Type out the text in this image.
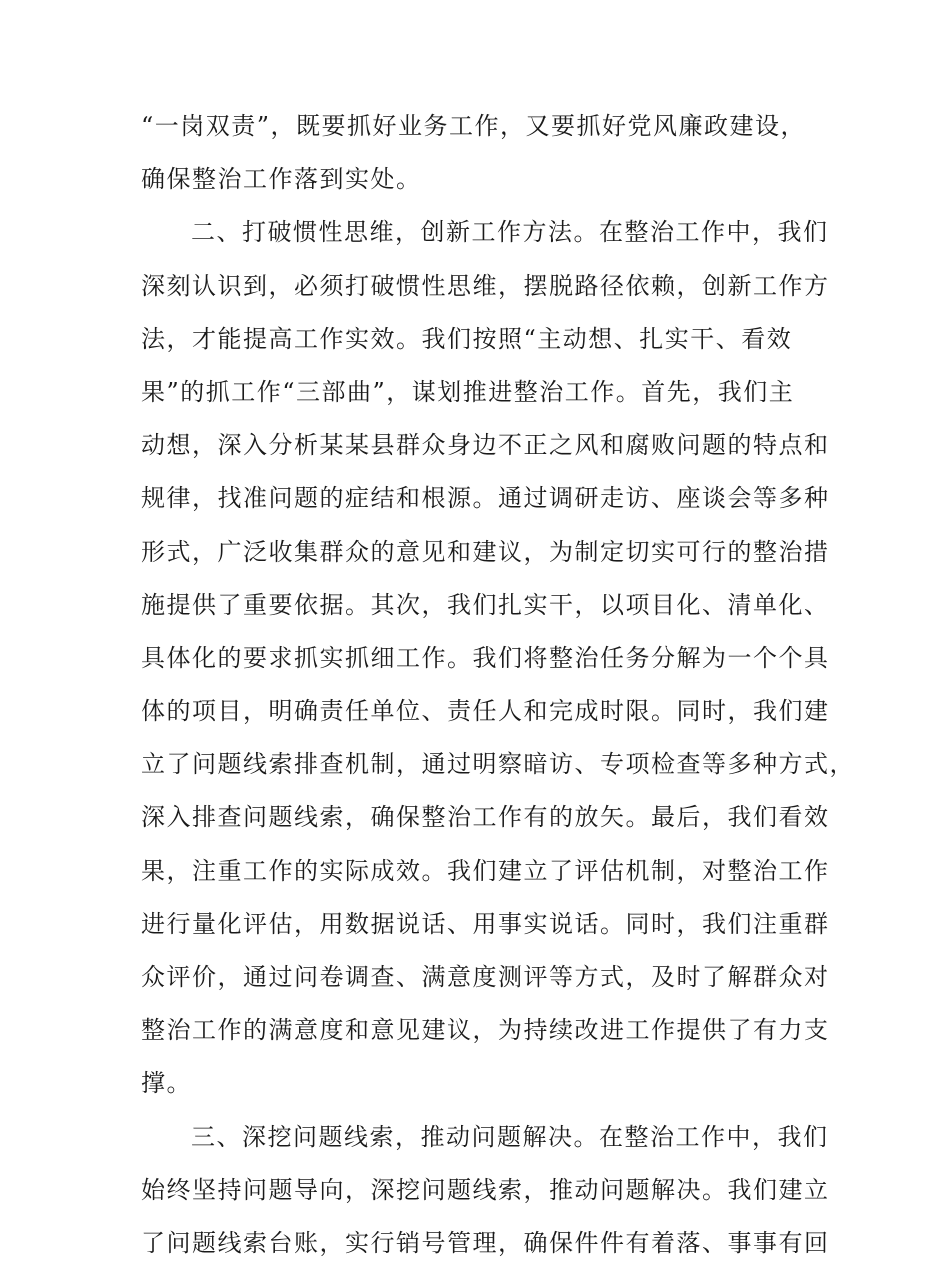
“一岗双责”，既要抓好业务工作，又要抓好党风廉政建设，
确保整治工作落到实处。
二、打破惯性思维，创新工作方法。在整治工作中，我们
深刻认识到，必须打破惯性思维，摆脱路径依赖，创新工作方
法，才能提高工作实效。我们按照“主动想、扎实干、看效
果”的抓工作“三部曲”，谋划推进整治工作。首先，我们主
动想，深入分析某某县群众身边不正之风和腐败问题的特点和
规律，找准问题的症结和根源。通过调研走访、座谈会等多种
形式，广泛收集群众的意见和建议，为制定切实可行的整治措
施提供了重要依据。其次，我们扎实干，以项目化、清单化、
具体化的要求抓实抓细工作。我们将整治任务分解为一个个具
体的项目，明确责任单位、责任人和完成时限。同时，我们建
立了问题线索排查机制，通过明察暗访、专项检查等多种方式，
深入排查问题线索，确保整治工作有的放矢。最后，我们看效
果，注重工作的实际成效。我们建立了评估机制，对整治工作
进行量化评估，用数据说话、用事实说话。同时，我们注重群
众评价，通过问卷调查、满意度测评等方式，及时了解群众对
整治工作的满意度和意见建议，为持续改进工作提供了有力支
撑。
三、深挖问题线索，推动问题解决。在整治工作中，我们
始终坚持问题导向，深挖问题线索，推动问题解决。我们建立
了问题线索台账，实行销号管理，确保件件有着落、事事有回
